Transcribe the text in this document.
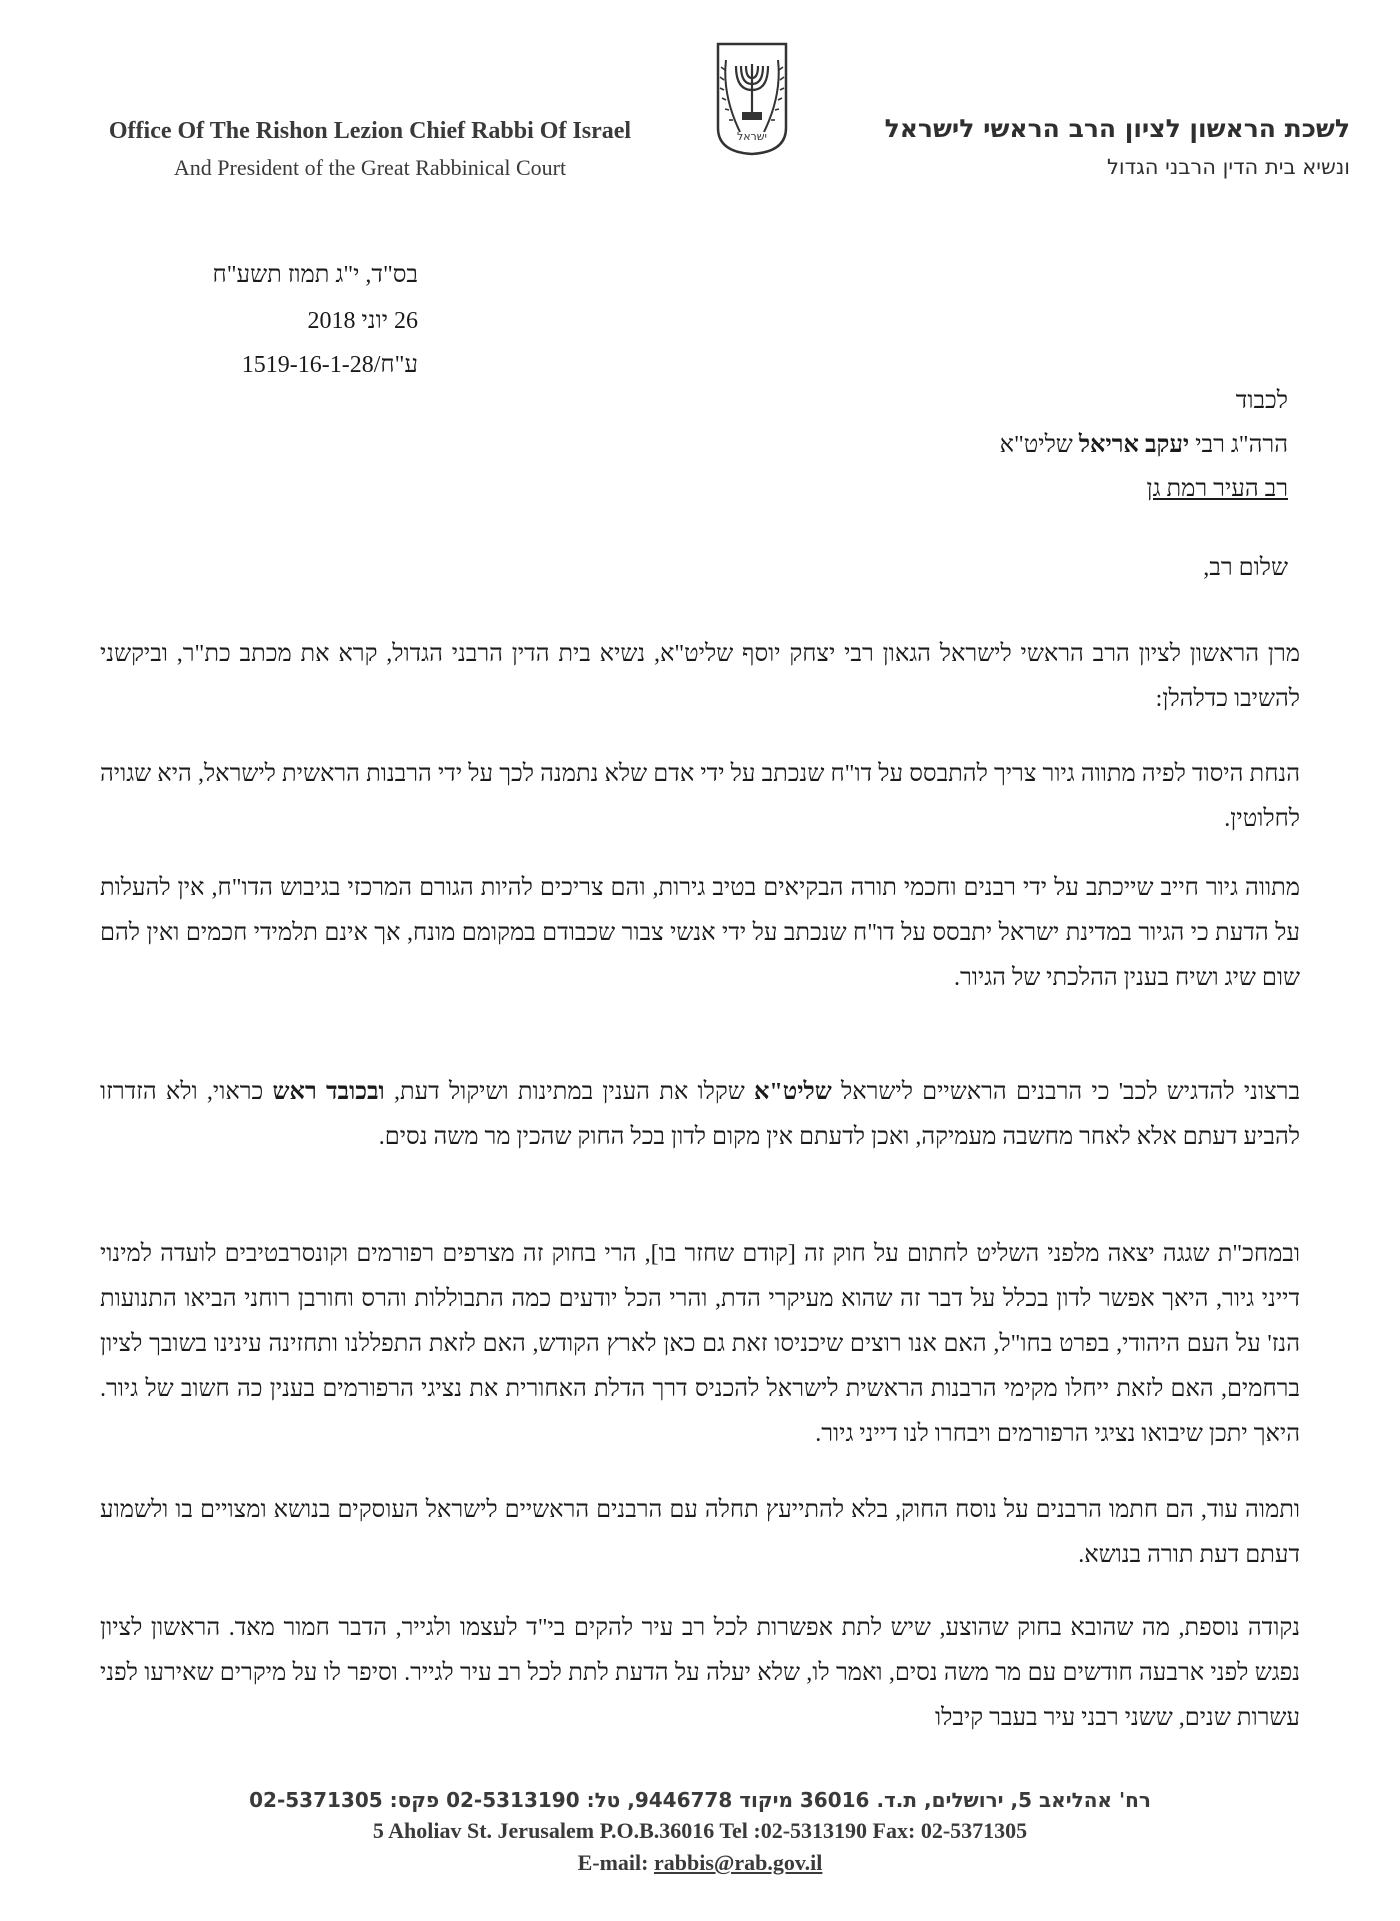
Office Of The Rishon Lezion Chief Rabbi Of Israel
And President of the Great Rabbinical Court
ישראל	לשכת הראשון לציון הרב הראשי לישראל
ונשיא בית הדין הרבני הגדול
בס"ד, י"ג תמוז תשע"ח
26 יוני 2018
ע"ח/1519-16-1-28
לכבוד
הרה"ג רבי יעקב אריאל שליט"א
רב העיר רמת גן
שלום רב,
מרן הראשון לציון הרב הראשי לישראל הגאון רבי יצחק יוסף שליט"א, נשיא בית הדין הרבני הגדול, קרא את מכתב כת"ר, וביקשני להשיבו כדלהלן:
הנחת היסוד לפיה מתווה גיור צריך להתבסס על דו"ח שנכתב על ידי אדם שלא נתמנה לכך על ידי הרבנות הראשית לישראל, היא שגויה לחלוטין.
מתווה גיור חייב שייכתב על ידי רבנים וחכמי תורה הבקיאים בטיב גירות, והם צריכים להיות הגורם המרכזי בגיבוש הדו"ח, אין להעלות על הדעת כי הגיור במדינת ישראל יתבסס על דו"ח שנכתב על ידי אנשי צבור שכבודם במקומם מונח, אך אינם תלמידי חכמים ואין להם שום שיג ושיח בענין ההלכתי של הגיור.
ברצוני להדגיש לכב' כי הרבנים הראשיים לישראל שליט"א שקלו את הענין במתינות ושיקול דעת, ובכובד ראש כראוי, ולא הזדרזו להביע דעתם אלא לאחר מחשבה מעמיקה, ואכן לדעתם אין מקום לדון בכל החוק שהכין מר משה נסים.
ובמחכ"ת שגגה יצאה מלפני השליט לחתום על חוק זה [קודם שחזר בו], הרי בחוק זה מצרפים רפורמים וקונסרבטיבים לועדה למינוי דייני גיור, היאך אפשר לדון בכלל על דבר זה שהוא מעיקרי הדת, והרי הכל יודעים כמה התבוללות והרס וחורבן רוחני הביאו התנועות הנז' על העם היהודי, בפרט בחו"ל, האם אנו רוצים שיכניסו זאת גם כאן לארץ הקודש, האם לזאת התפללנו ותחזינה עינינו בשובך לציון ברחמים, האם לזאת ייחלו מקימי הרבנות הראשית לישראל להכניס דרך הדלת האחורית את נציגי הרפורמים בענין כה חשוב של גיור. היאך יתכן שיבואו נציגי הרפורמים ויבחרו לנו דייני גיור.
ותמוה עוד, הם חתמו הרבנים על נוסח החוק, בלא להתייעץ תחלה עם הרבנים הראשיים לישראל העוסקים בנושא ומצויים בו ולשמוע דעתם דעת תורה בנושא.
נקודה נוספת, מה שהובא בחוק שהוצע, שיש לתת אפשרות לכל רב עיר להקים בי"ד לעצמו ולגייר, הדבר חמור מאד. הראשון לציון נפגש לפני ארבעה חודשים עם מר משה נסים, ואמר לו, שלא יעלה על הדעת לתת לכל רב עיר לגייר. וסיפר לו על מיקרים שאירעו לפני עשרות שנים, ששני רבני עיר בעבר קיבלו
רח' אהליאב 5, ירושלים, ת.ד. 36016 מיקוד 9446778, טל: 02-5313190 פקס: 02-5371305
5 Aholiav St. Jerusalem P.O.B.36016 Tel :02-5313190 Fax: 02-5371305
E-mail: rabbis@rab.gov.il
